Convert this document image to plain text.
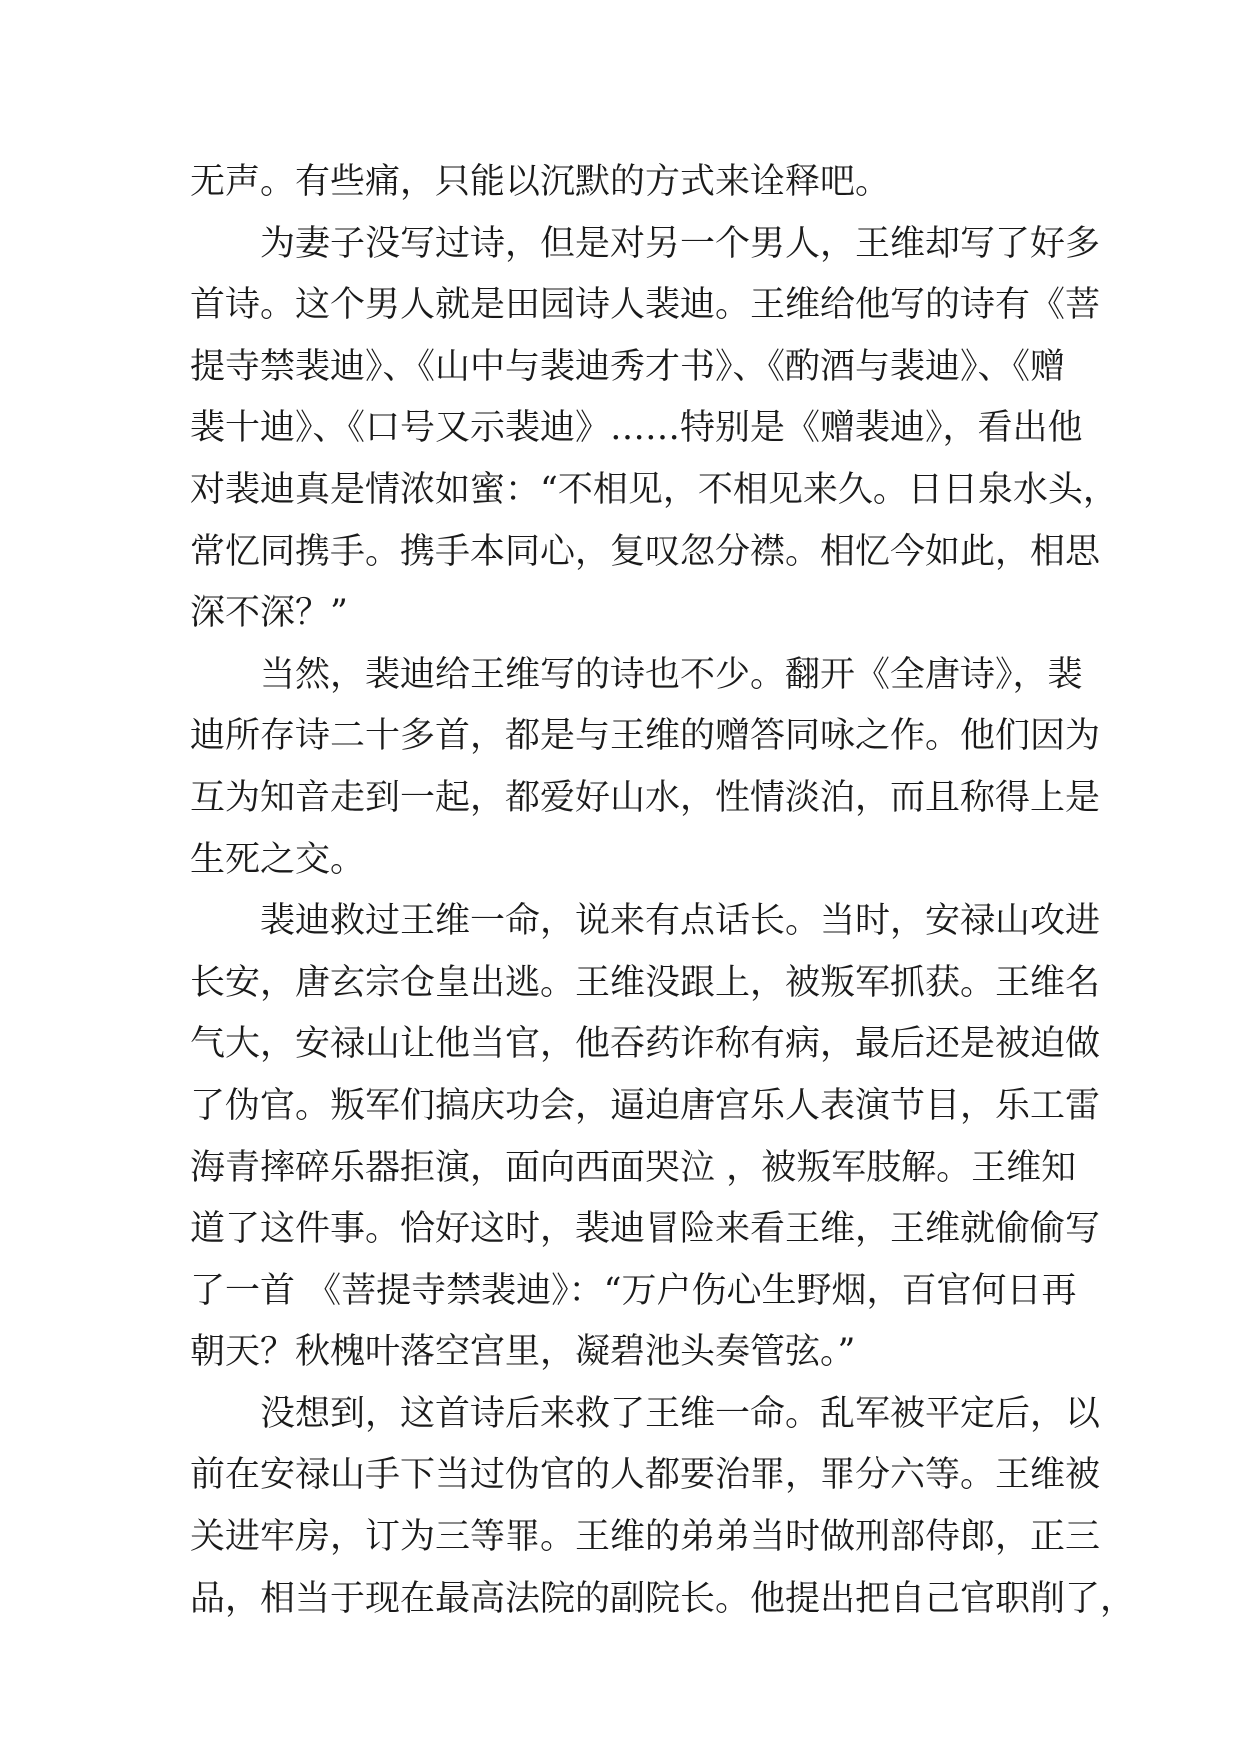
无声。有些痛，只能以沉默的方式来诠释吧。
为妻子没写过诗，但是对另一个男人，王维却写了好多
首诗。这个男人就是田园诗人裴迪。王维给他写的诗有《菩
提寺禁裴迪》、《山中与裴迪秀才书》、《酌酒与裴迪》、《赠
裴十迪》、《口号又示裴迪》……特别是《赠裴迪》，看出他
对裴迪真是情浓如蜜：“不相见，不相见来久。日日泉水头，
常忆同携手。携手本同心，复叹忽分襟。相忆今如此，相思
深不深？”
当然，裴迪给王维写的诗也不少。翻开《全唐诗》，裴
迪所存诗二十多首，都是与王维的赠答同咏之作。他们因为
互为知音走到一起，都爱好山水，性情淡泊，而且称得上是
生死之交。
裴迪救过王维一命，说来有点话长。当时，安禄山攻进
长安，唐玄宗仓皇出逃。王维没跟上，被叛军抓获。王维名
气大，安禄山让他当官，他吞药诈称有病，最后还是被迫做
了伪官。叛军们搞庆功会，逼迫唐宫乐人表演节目，乐工雷
海青摔碎乐器拒演，面向西面哭泣 ，被叛军肢解。王维知
道了这件事。恰好这时，裴迪冒险来看王维，王维就偷偷写
了一首 《菩提寺禁裴迪》：“万户伤心生野烟，百官何日再
朝天？秋槐叶落空宫里，凝碧池头奏管弦。”
没想到，这首诗后来救了王维一命。乱军被平定后，以
前在安禄山手下当过伪官的人都要治罪，罪分六等。王维被
关进牢房，订为三等罪。王维的弟弟当时做刑部侍郎，正三
品，相当于现在最高法院的副院长。他提出把自己官职削了，
